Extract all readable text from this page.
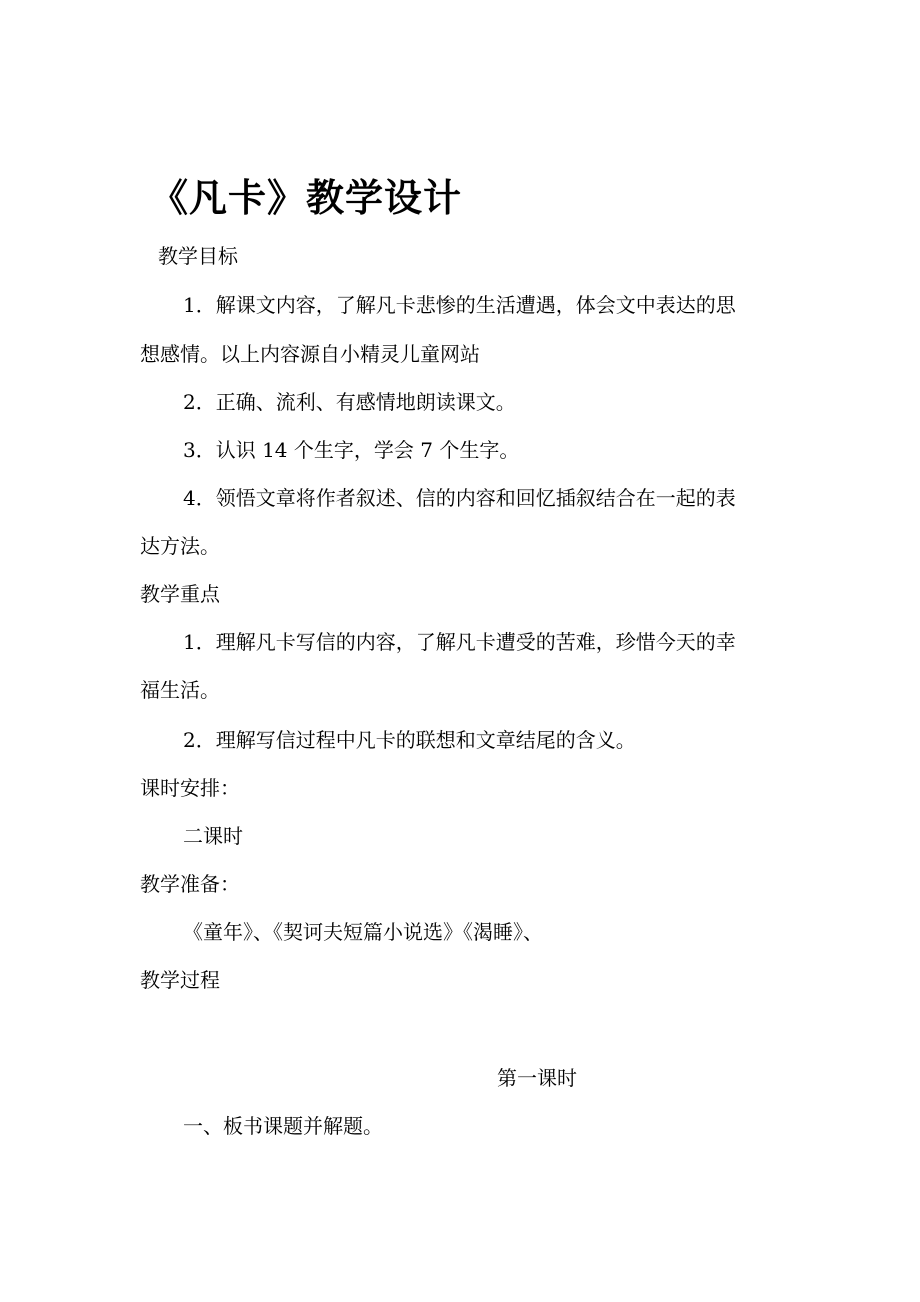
《凡卡》教学设计
教学目标
1．解课文内容，了解凡卡悲惨的生活遭遇，体会文中表达的思
想感情。以上内容源自小精灵儿童网站
2．正确、流利、有感情地朗读课文。
3．认识 14 个生字，学会 7 个生字。
4．领悟文章将作者叙述、信的内容和回忆插叙结合在一起的表
达方法。
教学重点
1．理解凡卡写信的内容，了解凡卡遭受的苦难，珍惜今天的幸
福生活。
2．理解写信过程中凡卡的联想和文章结尾的含义。
课时安排：
二课时
教学准备：
《童年》、《契诃夫短篇小说选》《渴睡》、
教学过程
第一课时
一、板书课题并解题。
